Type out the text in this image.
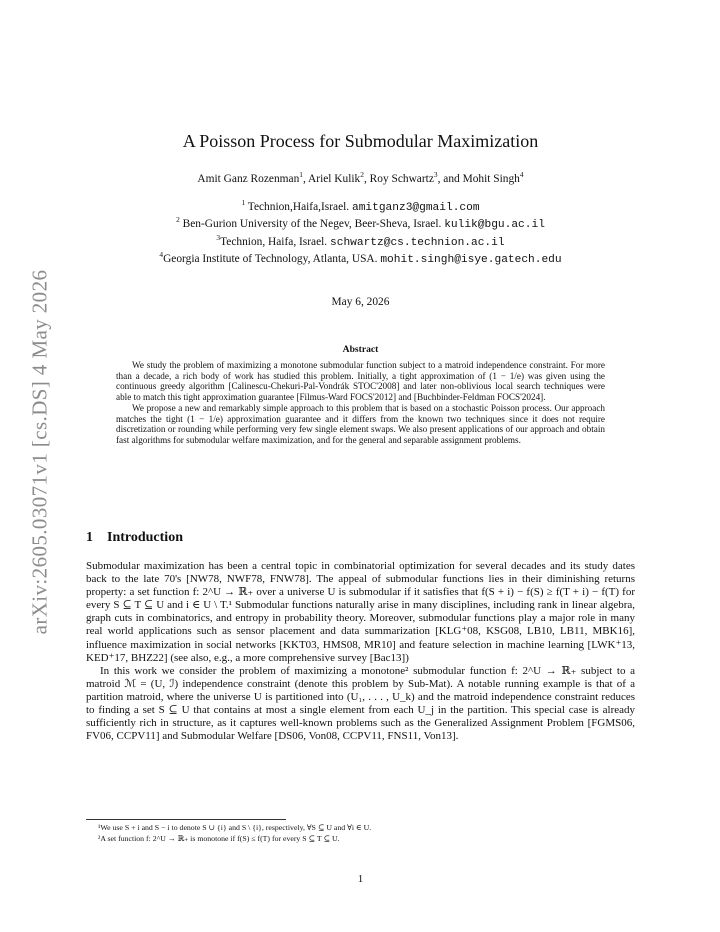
arXiv:2605.03071v1 [cs.DS] 4 May 2026
A Poisson Process for Submodular Maximization
Amit Ganz Rozenman$^1$, Ariel Kulik$^2$, Roy Schwartz$^3$, and Mohit Singh$^4$
$^1$ Technion,Haifa,Israel. amitganz3@gmail.com
$^2$ Ben-Gurion University of the Negev, Beer-Sheva, Israel. kulik@bgu.ac.il
$^3$Technion, Haifa, Israel. schwartz@cs.technion.ac.il
$^4$Georgia Institute of Technology, Atlanta, USA. mohit.singh@isye.gatech.edu
May 6, 2026
Abstract

We study the problem of maximizing a monotone submodular function subject to a matroid independence constraint. For more than a decade, a rich body of work has studied this problem. Initially, a tight approximation of (1 − 1/e) was given using the continuous greedy algorithm [Calinescu-Chekuri-Pal-Vondrák STOC'2008] and later non-oblivious local search techniques were able to match this tight approximation guarantee [Filmus-Ward FOCS'2012] and [Buchbinder-Feldman FOCS'2024].

We propose a new and remarkably simple approach to this problem that is based on a stochastic Poisson process. Our approach matches the tight (1 − 1/e) approximation guarantee and it differs from the known two techniques since it does not require discretization or rounding while performing very few single element swaps. We also present applications of our approach and obtain fast algorithms for submodular welfare maximization, and for the general and separable assignment problems.

1 Introduction

Submodular maximization has been a central topic in combinatorial optimization for several decades and its study dates back to the late 70's [NW78, NWF78, FNW78]. The appeal of submodular functions lies in their diminishing returns property: a set function f: 2^U → ℝ₊ over a universe U is submodular if it satisfies that f(S + i) − f(S) ≥ f(T + i) − f(T) for every S ⊆ T ⊆ U and i ∈ U \ T.¹ Submodular functions naturally arise in many disciplines, including rank in linear algebra, graph cuts in combinatorics, and entropy in probability theory. Moreover, submodular functions play a major role in many real world applications such as sensor placement and data summarization [KLG⁺08, KSG08, LB10, LB11, MBK16], influence maximization in social networks [KKT03, HMS08, MR10] and feature selection in machine learning [LWK⁺13, KED⁺17, BHZ22] (see also, e.g., a more comprehensive survey [Bac13])

In this work we consider the problem of maximizing a monotone² submodular function f: 2^U → ℝ₊ subject to a matroid ℳ = (U, ℐ) independence constraint (denote this problem by Sub-Mat). A notable running example is that of a partition matroid, where the universe U is partitioned into (U₁, . . . , U_k) and the matroid independence constraint reduces to finding a set S ⊆ U that contains at most a single element from each U_j in the partition. This special case is already sufficiently rich in structure, as it captures well-known problems such as the Generalized Assignment Problem [FGMS06, FV06, CCPV11] and Submodular Welfare [DS06, Von08, CCPV11, FNS11, Von13].

¹We use S + i and S − i to denote S ∪ {i} and S \ {i}, respectively, ∀S ⊆ U and ∀i ∈ U.
²A set function f: 2^U → ℝ₊ is monotone if f(S) ≤ f(T) for every S ⊆ T ⊆ U.
1
